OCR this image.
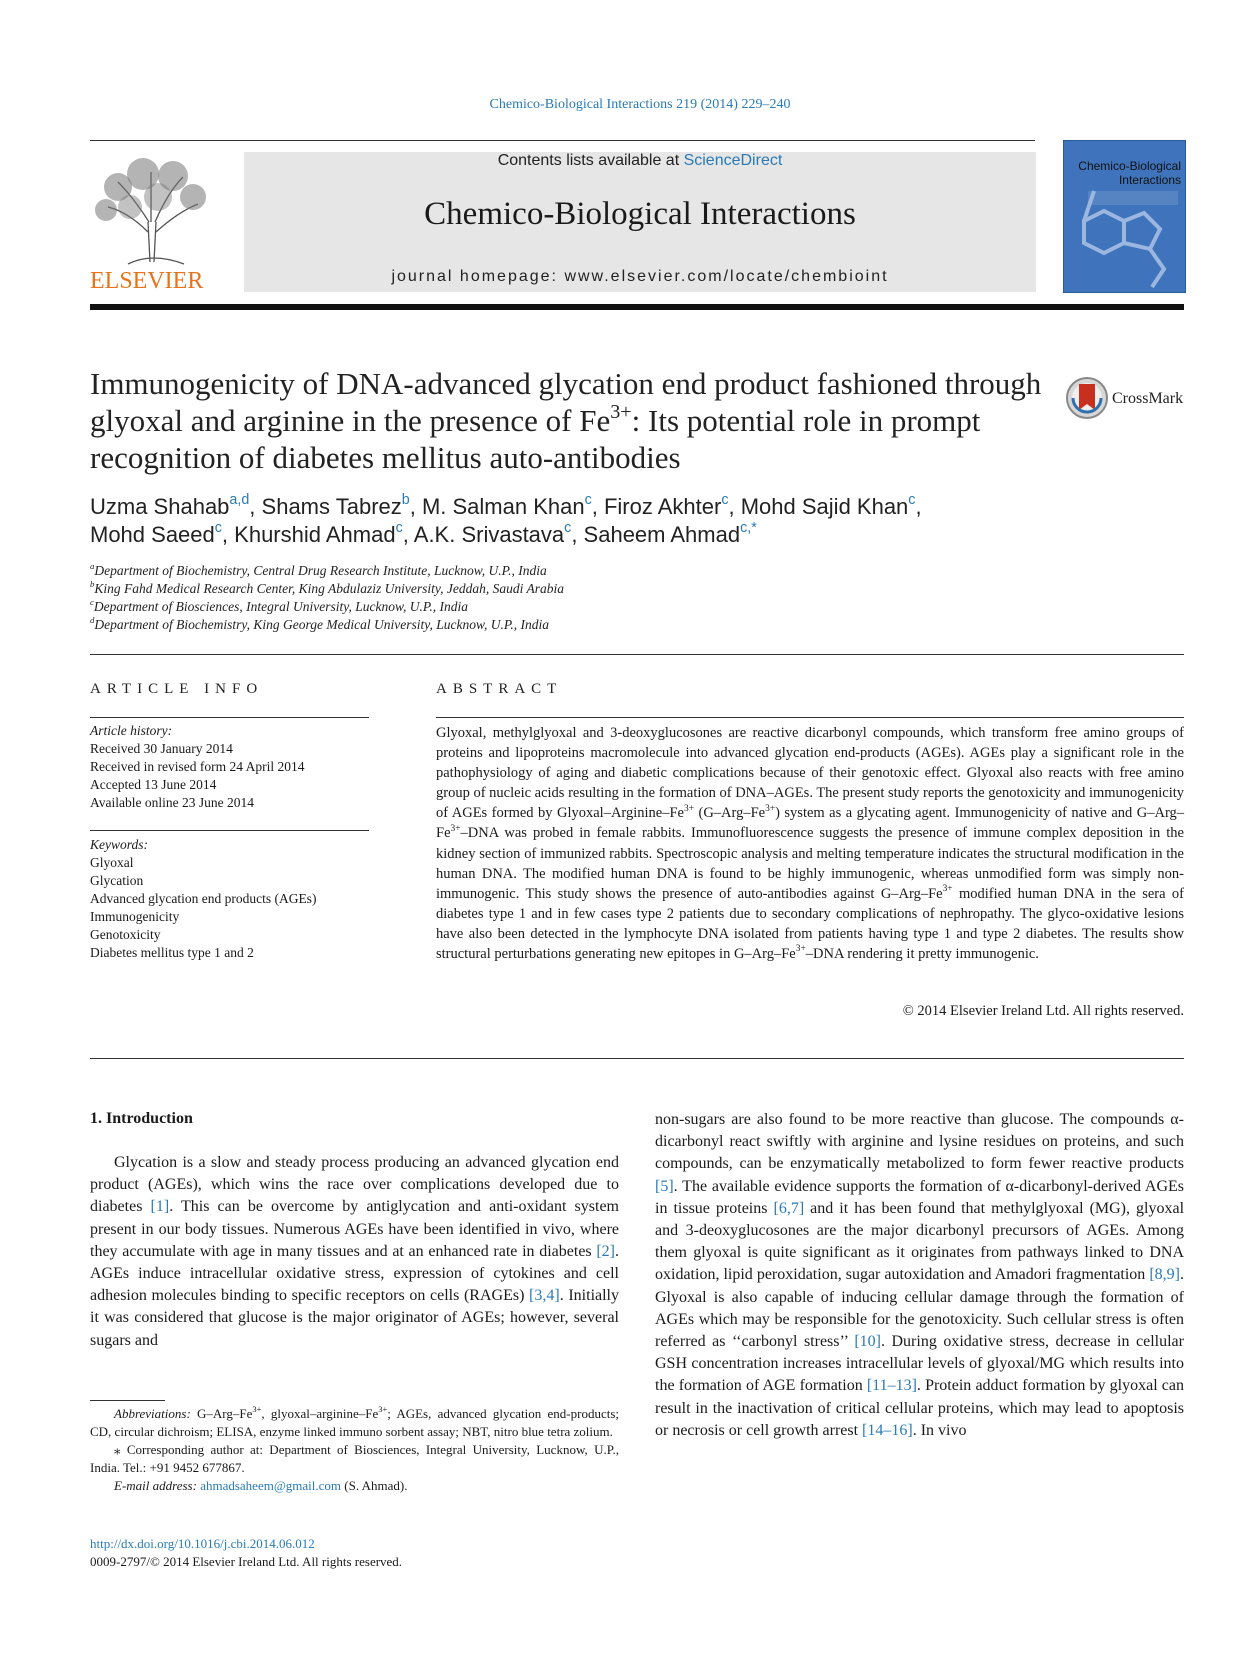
Chemico-Biological Interactions 219 (2014) 229–240
ELSEVIER
Contents lists available at ScienceDirect
Chemico-Biological Interactions
journal homepage: www.elsevier.com/locate/chembioint
Chemico-Biological Interactions
Immunogenicity of DNA-advanced glycation end product fashioned through glyoxal and arginine in the presence of $Fe^{3+}$: Its potential role in prompt recognition of diabetes mellitus auto-antibodies
CrossMark
Uzma Shahab$^{a,d}$, Shams Tabrez$^b$, M. Salman Khan$^c$, Firoz Akhter$^c$, Mohd Sajid Khan$^c$,
Mohd Saeed$^c$, Khurshid Ahmad$^c$, A.K. Srivastava$^c$, Saheem Ahmad$^{c,*}$
$^a$Department of Biochemistry, Central Drug Research Institute, Lucknow, U.P., India
$^b$King Fahd Medical Research Center, King Abdulaziz University, Jeddah, Saudi Arabia
$^c$Department of Biosciences, Integral University, Lucknow, U.P., India
$^d$Department of Biochemistry, King George Medical University, Lucknow, U.P., India
ARTICLE INFO
Article history:
Received 30 January 2014
Received in revised form 24 April 2014
Accepted 13 June 2014
Available online 23 June 2014
Keywords:
Glyoxal
Glycation
Advanced glycation end products (AGEs)
Immunogenicity
Genotoxicity
Diabetes mellitus type 1 and 2
ABSTRACT
Glyoxal, methylglyoxal and 3-deoxyglucosones are reactive dicarbonyl compounds, which transform free amino groups of proteins and lipoproteins macromolecule into advanced glycation end-products (AGEs). AGEs play a significant role in the pathophysiology of aging and diabetic complications because of their genotoxic effect. Glyoxal also reacts with free amino group of nucleic acids resulting in the formation of DNA–AGEs. The present study reports the genotoxicity and immunogenicity of AGEs formed by Glyoxal–$Arginine-Fe^{3+}$ $(G-Arg-Fe^{3+})$ system as a glycating agent. Immunogenicity of native and $G-Arg-Fe^{3+}$–DNA was probed in female rabbits. Immunofluorescence suggests the presence of immune complex deposition in the kidney section of immunized rabbits. Spectroscopic analysis and melting temperature indicates the structural modification in the human DNA. The modified human DNA is found to be highly immunogenic, whereas unmodified form was simply non-immunogenic. This study shows the presence of auto-antibodies against $G-Arg-Fe^{3+}$ modified human DNA in the sera of diabetes type 1 and in few cases type 2 patients due to secondary complications of nephropathy. The glyco-oxidative lesions have also been detected in the lymphocyte DNA isolated from patients having type 1 and type 2 diabetes. The results show structural perturbations generating new epitopes in $G-Arg-Fe^{3+}$–DNA rendering it pretty immunogenic.
© 2014 Elsevier Ireland Ltd. All rights reserved.
1. Introduction
Glycation is a slow and steady process producing an advanced glycation end product (AGEs), which wins the race over complications developed due to diabetes [1]. This can be overcome by antiglycation and anti-oxidant system present in our body tissues. Numerous AGEs have been identified in vivo, where they accumulate with age in many tissues and at an enhanced rate in diabetes [2]. AGEs induce intracellular oxidative stress, expression of cytokines and cell adhesion molecules binding to specific receptors on cells (RAGEs) [3,4]. Initially it was considered that glucose is the major originator of AGEs; however, several sugars and
non-sugars are also found to be more reactive than glucose. The compounds α-dicarbonyl react swiftly with arginine and lysine residues on proteins, and such compounds, can be enzymatically metabolized to form fewer reactive products [5]. The available evidence supports the formation of α-dicarbonyl-derived AGEs in tissue proteins [6,7] and it has been found that methylglyoxal (MG), glyoxal and 3-deoxyglucosones are the major dicarbonyl precursors of AGEs. Among them glyoxal is quite significant as it originates from pathways linked to DNA oxidation, lipid peroxidation, sugar autoxidation and Amadori fragmentation [8,9]. Glyoxal is also capable of inducing cellular damage through the formation of AGEs which may be responsible for the genotoxicity. Such cellular stress is often referred as ‘‘carbonyl stress’’ [10]. During oxidative stress, decrease in cellular GSH concentration increases intracellular levels of glyoxal/MG which results into the formation of AGE formation [11–13]. Protein adduct formation by glyoxal can result in the inactivation of critical cellular proteins, which may lead to apoptosis or necrosis or cell growth arrest [14–16]. In vivo
Abbreviations: $G-Arg-Fe^{3+}$, glyoxal–$arginine-Fe^{3+}$; AGEs, advanced glycation end-products; CD, circular dichroism; ELISA, enzyme linked immuno sorbent assay; NBT, nitro blue tetra zolium.
⁎ Corresponding author at: Department of Biosciences, Integral University, Lucknow, U.P., India. Tel.: +91 9452 677867.
E-mail address: ahmadsaheem@gmail.com (S. Ahmad).
http://dx.doi.org/10.1016/j.cbi.2014.06.012
0009-2797/© 2014 Elsevier Ireland Ltd. All rights reserved.
